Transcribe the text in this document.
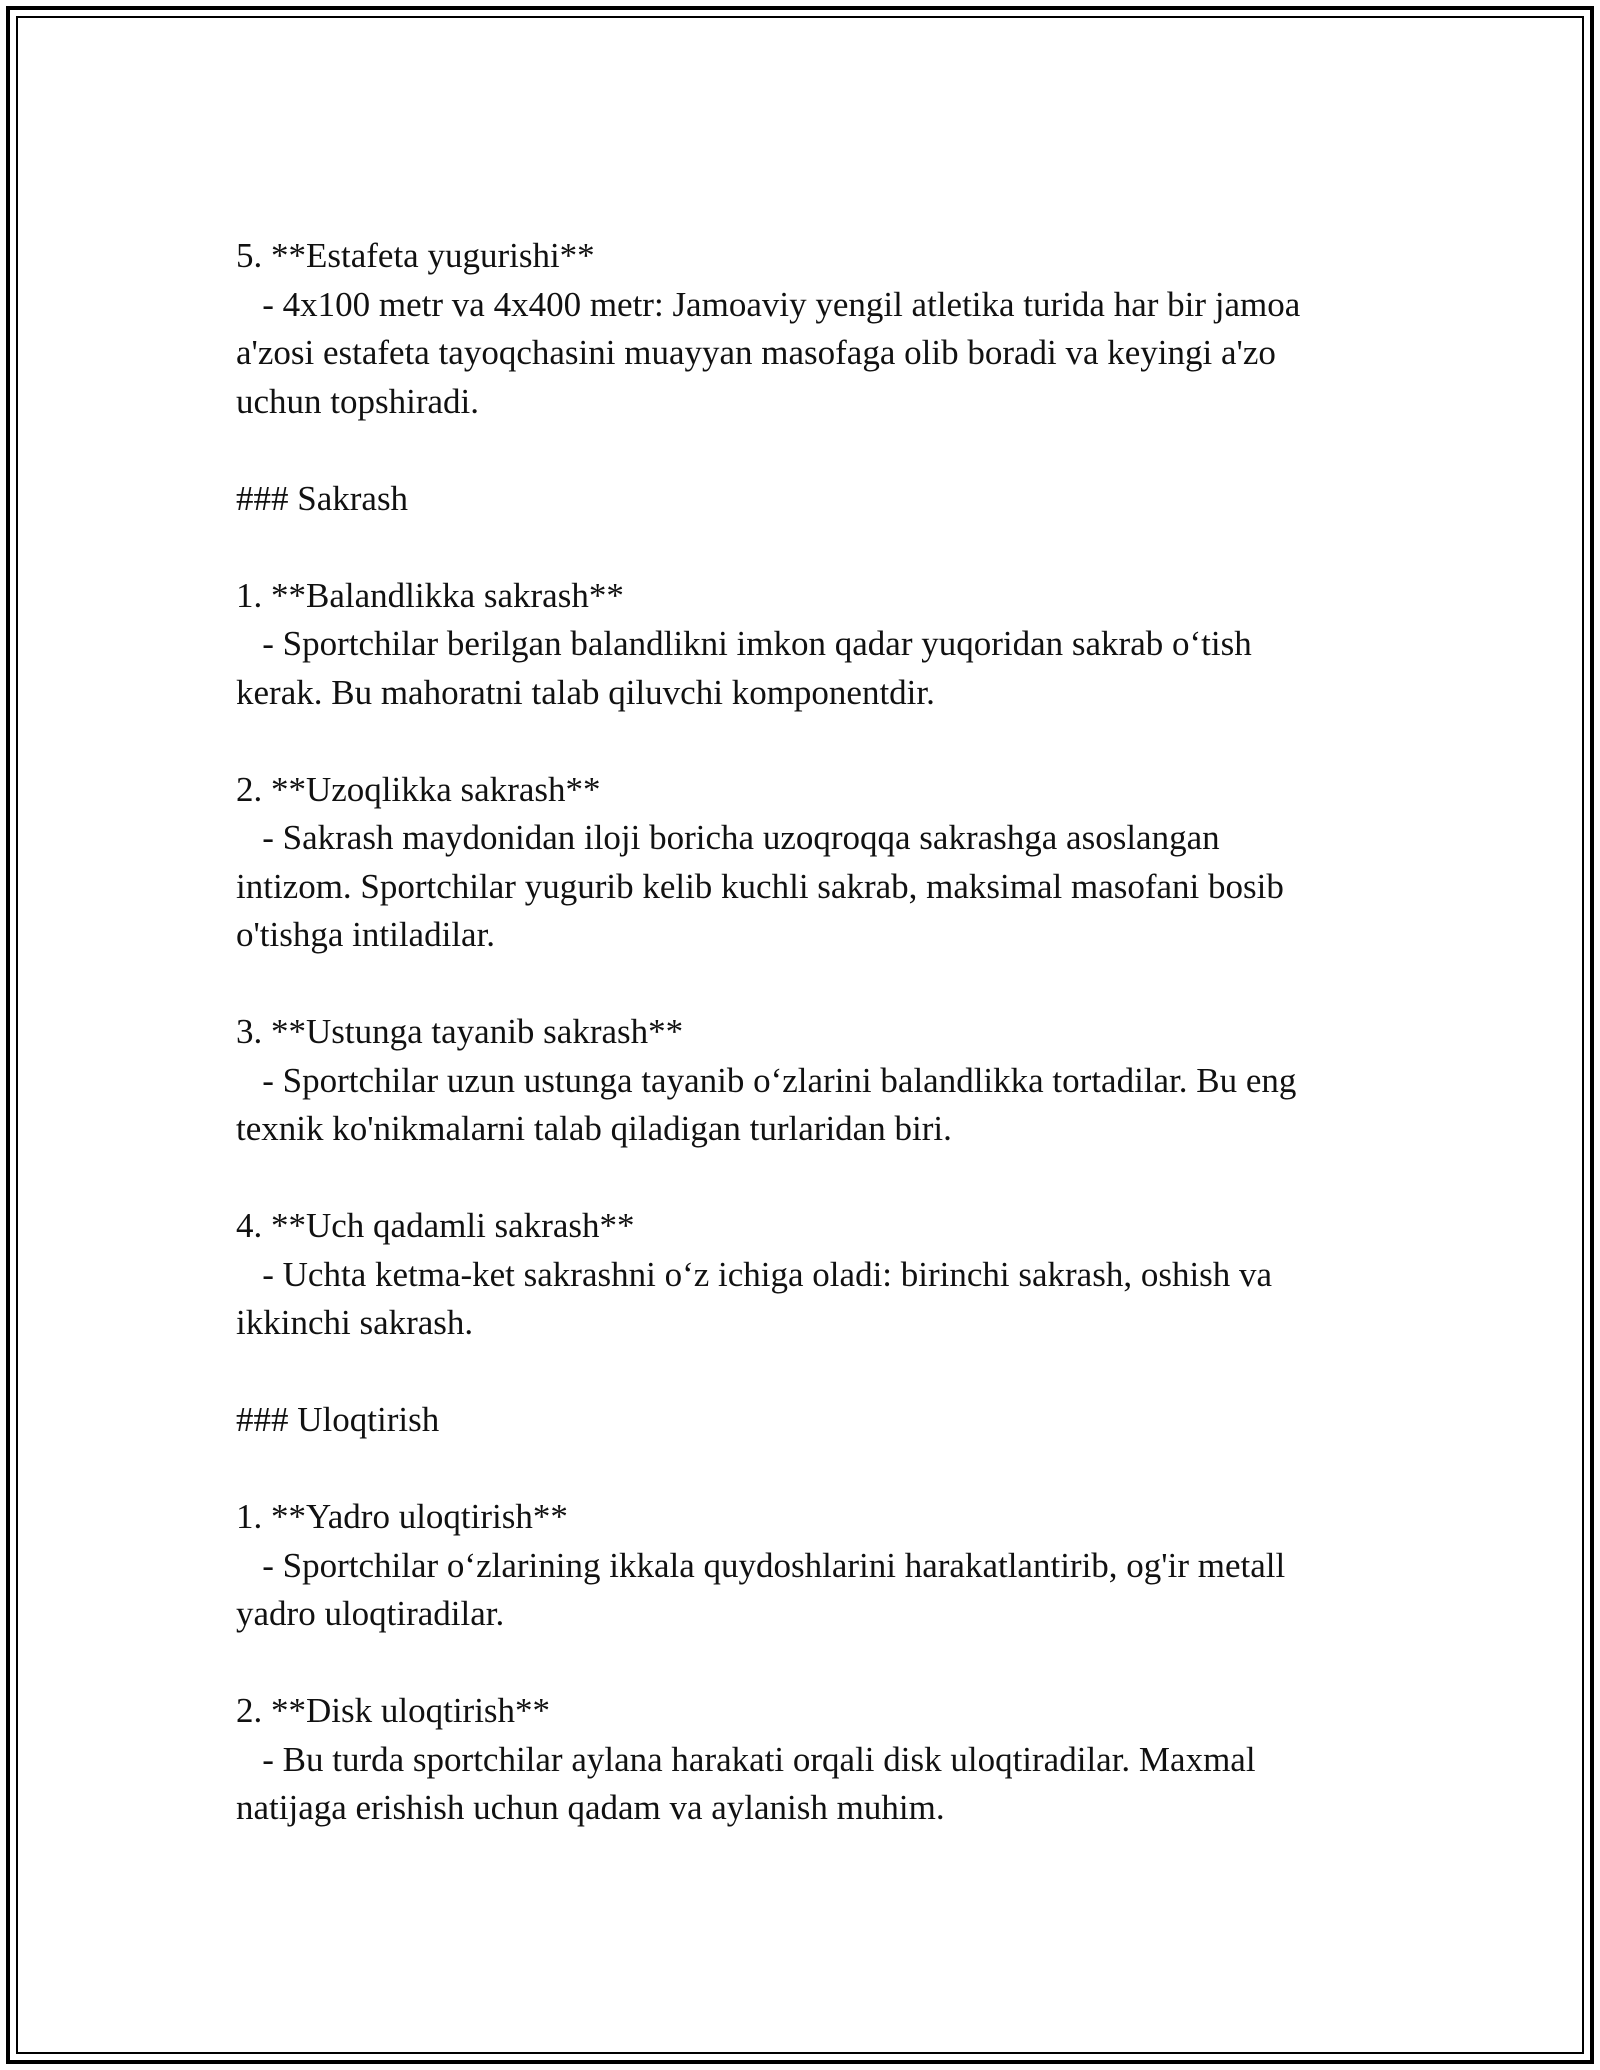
5. **Estafeta yugurishi**
- 4x100 metr va 4x400 metr: Jamoaviy yengil atletika turida har bir jamoa
a'zosi estafeta tayoqchasini muayyan masofaga olib boradi va keyingi a'zo
uchun topshiradi.
### Sakrash
1. **Balandlikka sakrash**
- Sportchilar berilgan balandlikni imkon qadar yuqoridan sakrab o‘tish
kerak. Bu mahoratni talab qiluvchi komponentdir.
2. **Uzoqlikka sakrash**
- Sakrash maydonidan iloji boricha uzoqroqqa sakrashga asoslangan
intizom. Sportchilar yugurib kelib kuchli sakrab, maksimal masofani bosib
o'tishga intiladilar.
3. **Ustunga tayanib sakrash**
- Sportchilar uzun ustunga tayanib o‘zlarini balandlikka tortadilar. Bu eng
texnik ko'nikmalarni talab qiladigan turlaridan biri.
4. **Uch qadamli sakrash**
- Uchta ketma-ket sakrashni o‘z ichiga oladi: birinchi sakrash, oshish va
ikkinchi sakrash.
### Uloqtirish
1. **Yadro uloqtirish**
- Sportchilar o‘zlarining ikkala quydoshlarini harakatlantirib, og'ir metall
yadro uloqtiradilar.
2. **Disk uloqtirish**
- Bu turda sportchilar aylana harakati orqali disk uloqtiradilar. Maxmal
natijaga erishish uchun qadam va aylanish muhim.
